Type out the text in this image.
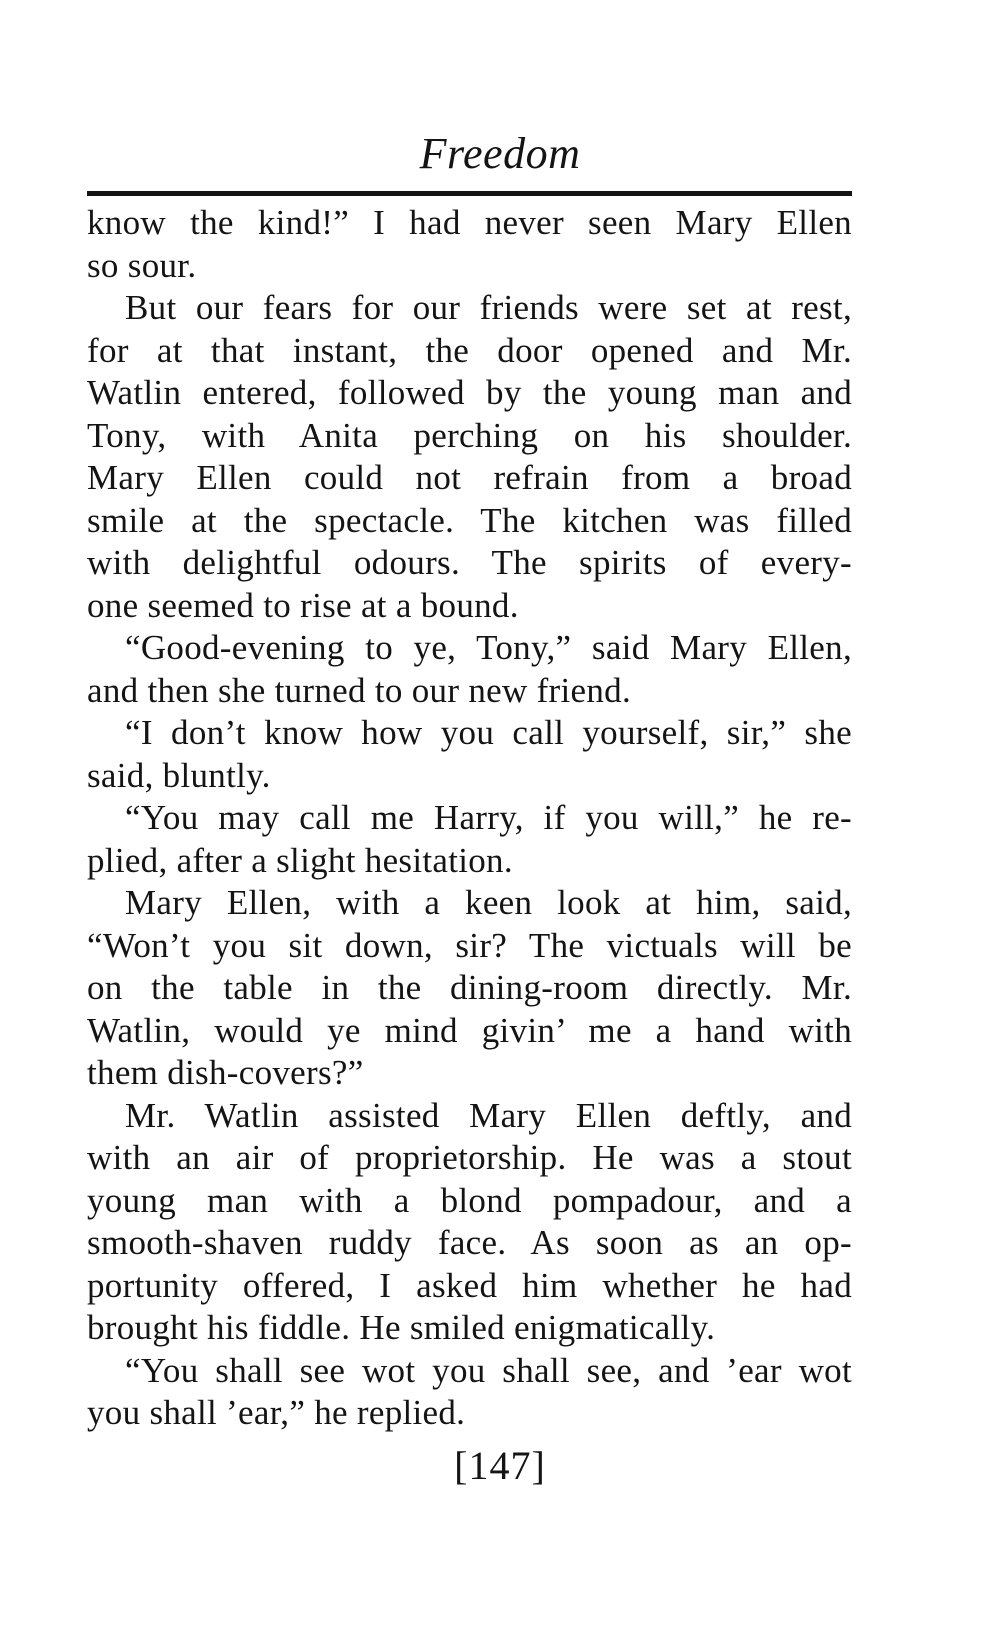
Freedom
know the kind!” I had never seen Mary Ellen
so sour.
But our fears for our friends were set at rest,
for at that instant, the door opened and Mr.
Watlin entered, followed by the young man and
Tony, with Anita perching on his shoulder.
Mary Ellen could not refrain from a broad
smile at the spectacle. The kitchen was filled
with delightful odours. The spirits of every-
one seemed to rise at a bound.
“Good-evening to ye, Tony,” said Mary Ellen,
and then she turned to our new friend.
“I don’t know how you call yourself, sir,” she
said, bluntly.
“You may call me Harry, if you will,” he re-
plied, after a slight hesitation.
Mary Ellen, with a keen look at him, said,
“Won’t you sit down, sir? The victuals will be
on the table in the dining-room directly. Mr.
Watlin, would ye mind givin’ me a hand with
them dish-covers?”
Mr. Watlin assisted Mary Ellen deftly, and
with an air of proprietorship. He was a stout
young man with a blond pompadour, and a
smooth-shaven ruddy face. As soon as an op-
portunity offered, I asked him whether he had
brought his fiddle. He smiled enigmatically.
“You shall see wot you shall see, and ’ear wot
you shall ’ear,” he replied.
[147]
